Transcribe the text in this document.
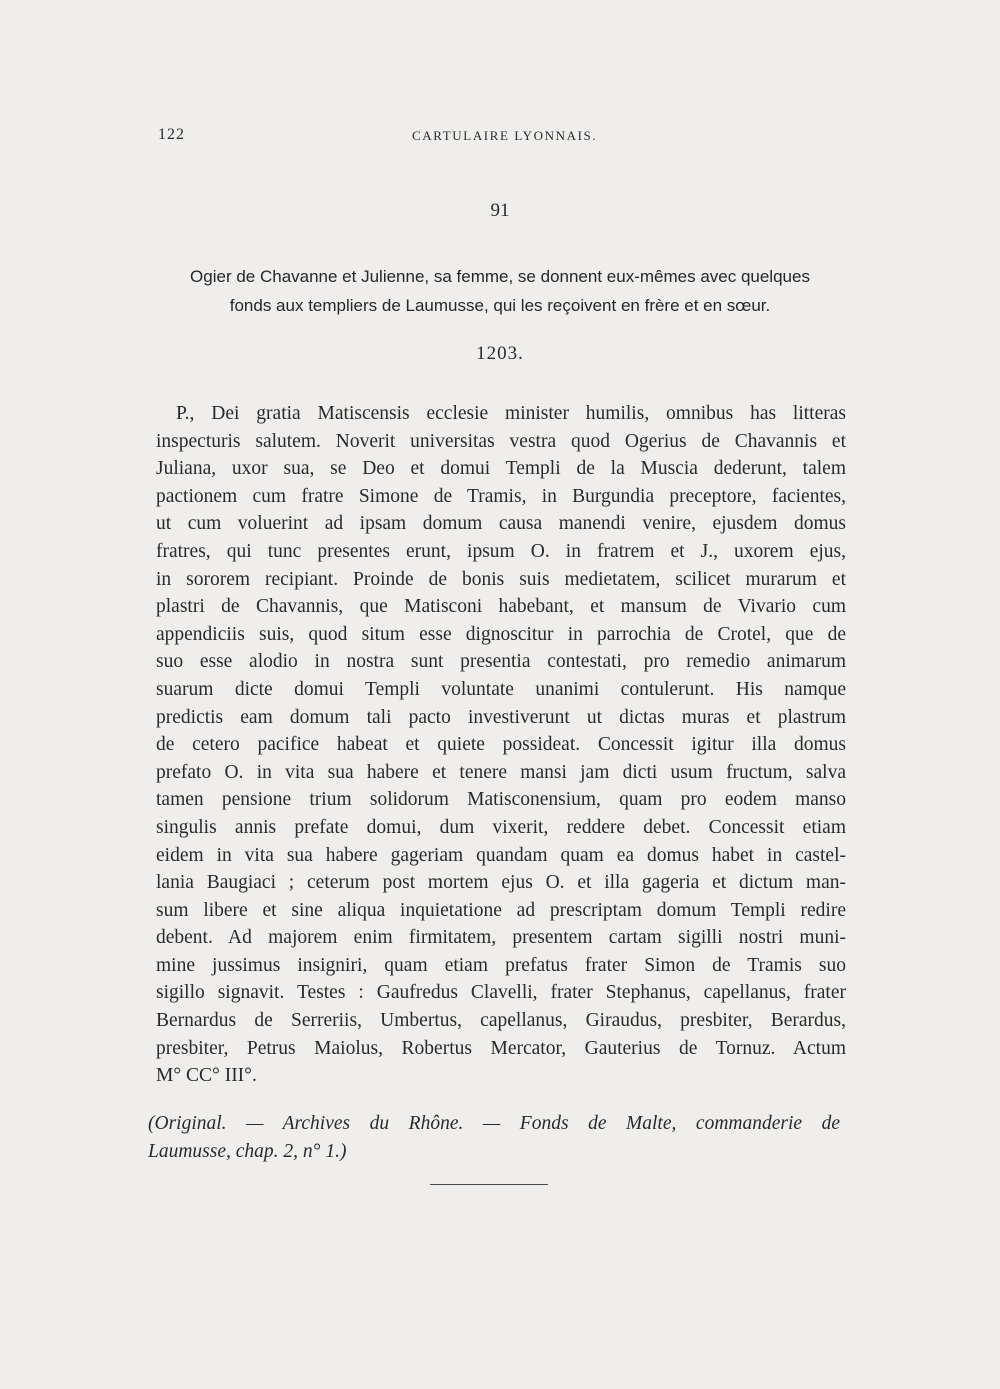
122	CARTULAIRE LYONNAIS.
91
Ogier de Chavanne et Julienne, sa femme, se donnent eux-mêmes avec quelques
fonds aux templiers de Laumusse, qui les reçoivent en frère et en sœur.
1203.
P., Dei gratia Matiscensis ecclesie minister humilis, omnibus has litteras
inspecturis salutem. Noverit universitas vestra quod Ogerius de Chavannis et
Juliana, uxor sua, se Deo et domui Templi de la Muscia dederunt, talem
pactionem cum fratre Simone de Tramis, in Burgundia preceptore, facientes,
ut cum voluerint ad ipsam domum causa manendi venire, ejusdem domus
fratres, qui tunc presentes erunt, ipsum O. in fratrem et J., uxorem ejus,
in sororem recipiant. Proinde de bonis suis medietatem, scilicet murarum et
plastri de Chavannis, que Matisconi habebant, et mansum de Vivario cum
appendiciis suis, quod situm esse dignoscitur in parrochia de Crotel, que de
suo esse alodio in nostra sunt presentia contestati, pro remedio animarum
suarum dicte domui Templi voluntate unanimi contulerunt. His namque
predictis eam domum tali pacto investiverunt ut dictas muras et plastrum
de cetero pacifice habeat et quiete possideat. Concessit igitur illa domus
prefato O. in vita sua habere et tenere mansi jam dicti usum fructum, salva
tamen pensione trium solidorum Matisconensium, quam pro eodem manso
singulis annis prefate domui, dum vixerit, reddere debet. Concessit etiam
eidem in vita sua habere gageriam quandam quam ea domus habet in castel-
lania Baugiaci ; ceterum post mortem ejus O. et illa gageria et dictum man-
sum libere et sine aliqua inquietatione ad prescriptam domum Templi redire
debent. Ad majorem enim firmitatem, presentem cartam sigilli nostri muni-
mine jussimus insigniri, quam etiam prefatus frater Simon de Tramis suo
sigillo signavit. Testes : Gaufredus Clavelli, frater Stephanus, capellanus, frater
Bernardus de Serreriis, Umbertus, capellanus, Giraudus, presbiter, Berardus,
presbiter, Petrus Maiolus, Robertus Mercator, Gauterius de Tornuz. Actum
M° CC° III°.
(Original. — Archives du Rhône. — Fonds de Malte, commanderie de
Laumusse, chap. 2, n° 1.)
